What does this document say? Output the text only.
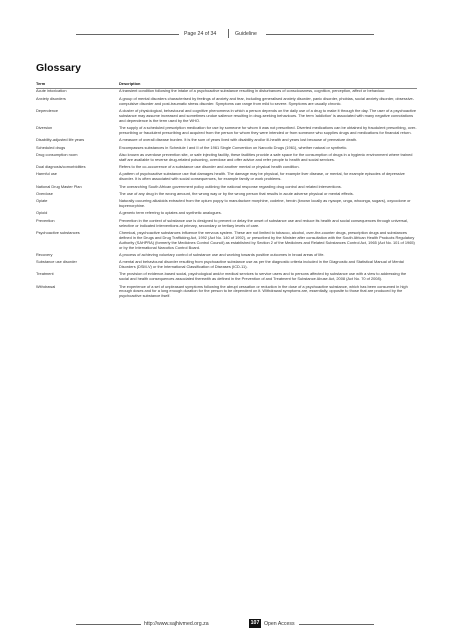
Page 24 of 34	Guideline
Glossary
Term	Description
Acute intoxication	A transient condition following the intake of a psychoactive substance resulting in disturbances of consciousness, cognition, perception, affect or behaviour.
Anxiety disorders	A group of mental disorders characterised by feelings of anxiety and fear, including generalised anxiety disorder, panic disorder, phobias, social anxiety disorder, obsessive-compulsive disorder and post-traumatic stress disorder. Symptoms can range from mild to severe. Symptoms are usually chronic.
Dependence	A cluster of physiological, behavioural and cognitive phenomena in which a person depends on the daily use of a drug to make it through the day. The user of a psychoactive substance may assume increased and sometimes undue salience resulting in drug-seeking behaviours. The term 'addiction' is associated with many negative connotations and dependence is the term used by the WHO.
Diversion	The supply of a scheduled prescription medication for use by someone for whom it was not prescribed. Diverted medications can be obtained by fraudulent prescribing, over-prescribing or fraudulent prescribing and acquired from the person for whom they were intended or from someone who supplies drugs and medications for financial return.
Disability-adjusted life years	A measure of overall disease burden. It is the sum of years lived with disability and/or ill-health and years lost because of premature death.
Scheduled drugs	Encompasses substances in Schedule I and II of the 1961 Single Convention on Narcotic Drugs (1961), whether natural or synthetic.
Drug consumption room	Also known as overdose prevention site, or safe injecting facility, these facilities provide a safe space for the consumption of drugs in a hygienic environment where trained staff are available to reverse drug-related poisoning, overdose and offer advice and refer people to health and social services.
Dual diagnosis/comorbidities	Refers to the co-occurrence of a substance use disorder and another mental or physical health condition.
Harmful use	A pattern of psychoactive substance use that damages health. The damage may be physical, for example liver disease, or mental, for example episodes of depressive disorder. It is often associated with social consequences, for example family or work problems.
National Drug Master Plan	The overarching South African government policy outlining the national response regarding drug control and related interventions.
Overdose	The use of any drug in the wrong amount, the wrong way or by the wrong person that results in acute adverse physical or mental effects.
Opiate	Naturally occurring alkaloids extracted from the opium poppy to manufacture morphine, codeine, heroin (known locally as nyaope, unga, whoonga, sugars), oxycodone or buprenorphine.
Opioid	A generic term referring to opiates and synthetic analogues.
Prevention	Prevention in the context of substance use is designed to prevent or delay the onset of substance use and reduce its health and social consequences through universal, selective or indicated interventions at primary, secondary or tertiary levels of care.
Psychoactive substances	Chemical, psychoactive substances influence the nervous system. These are not limited to tobacco, alcohol, over-the-counter drugs, prescription drugs and substances defined in the Drugs and Drug Trafficking Act, 1992 (Act No. 140 of 1992), or prescribed by the Minister after consultation with the South African Health Products Regulatory Authority (SAHPRA) (formerly the Medicines Control Council) as established by Section 2 of the Medicines and Related Substances Control Act, 1965 (Act No. 101 of 1965) or by the International Narcotics Control Board.
Recovery	A process of achieving voluntary control of substance use and working towards positive outcomes in broad areas of life.
Substance use disorder	A mental and behavioural disorder resulting from psychoactive substance use as per the diagnostic criteria included in the Diagnostic and Statistical Manual of Mental Disorders (DSM-V) or the International Classification of Diseases (ICD-11).
Treatment	The provision of evidence-based social, psychological and/or medical services to service users and to persons affected by substance use with a view to addressing the social and health consequences associated therewith as defined in the Prevention of and Treatment for Substance Abuse Act, 2008 (Act No. 70 of 2008).
Withdrawal	The experience of a set of unpleasant symptoms following the abrupt cessation or reduction in the dose of a psychoactive substance, which has been consumed in high enough doses and for a long enough duration for the person to be dependent on it. Withdrawal symptoms are, essentially, opposite to those that are produced by the psychoactive substance itself.
http://www.sajhivmed.org.za	107 Open Access
